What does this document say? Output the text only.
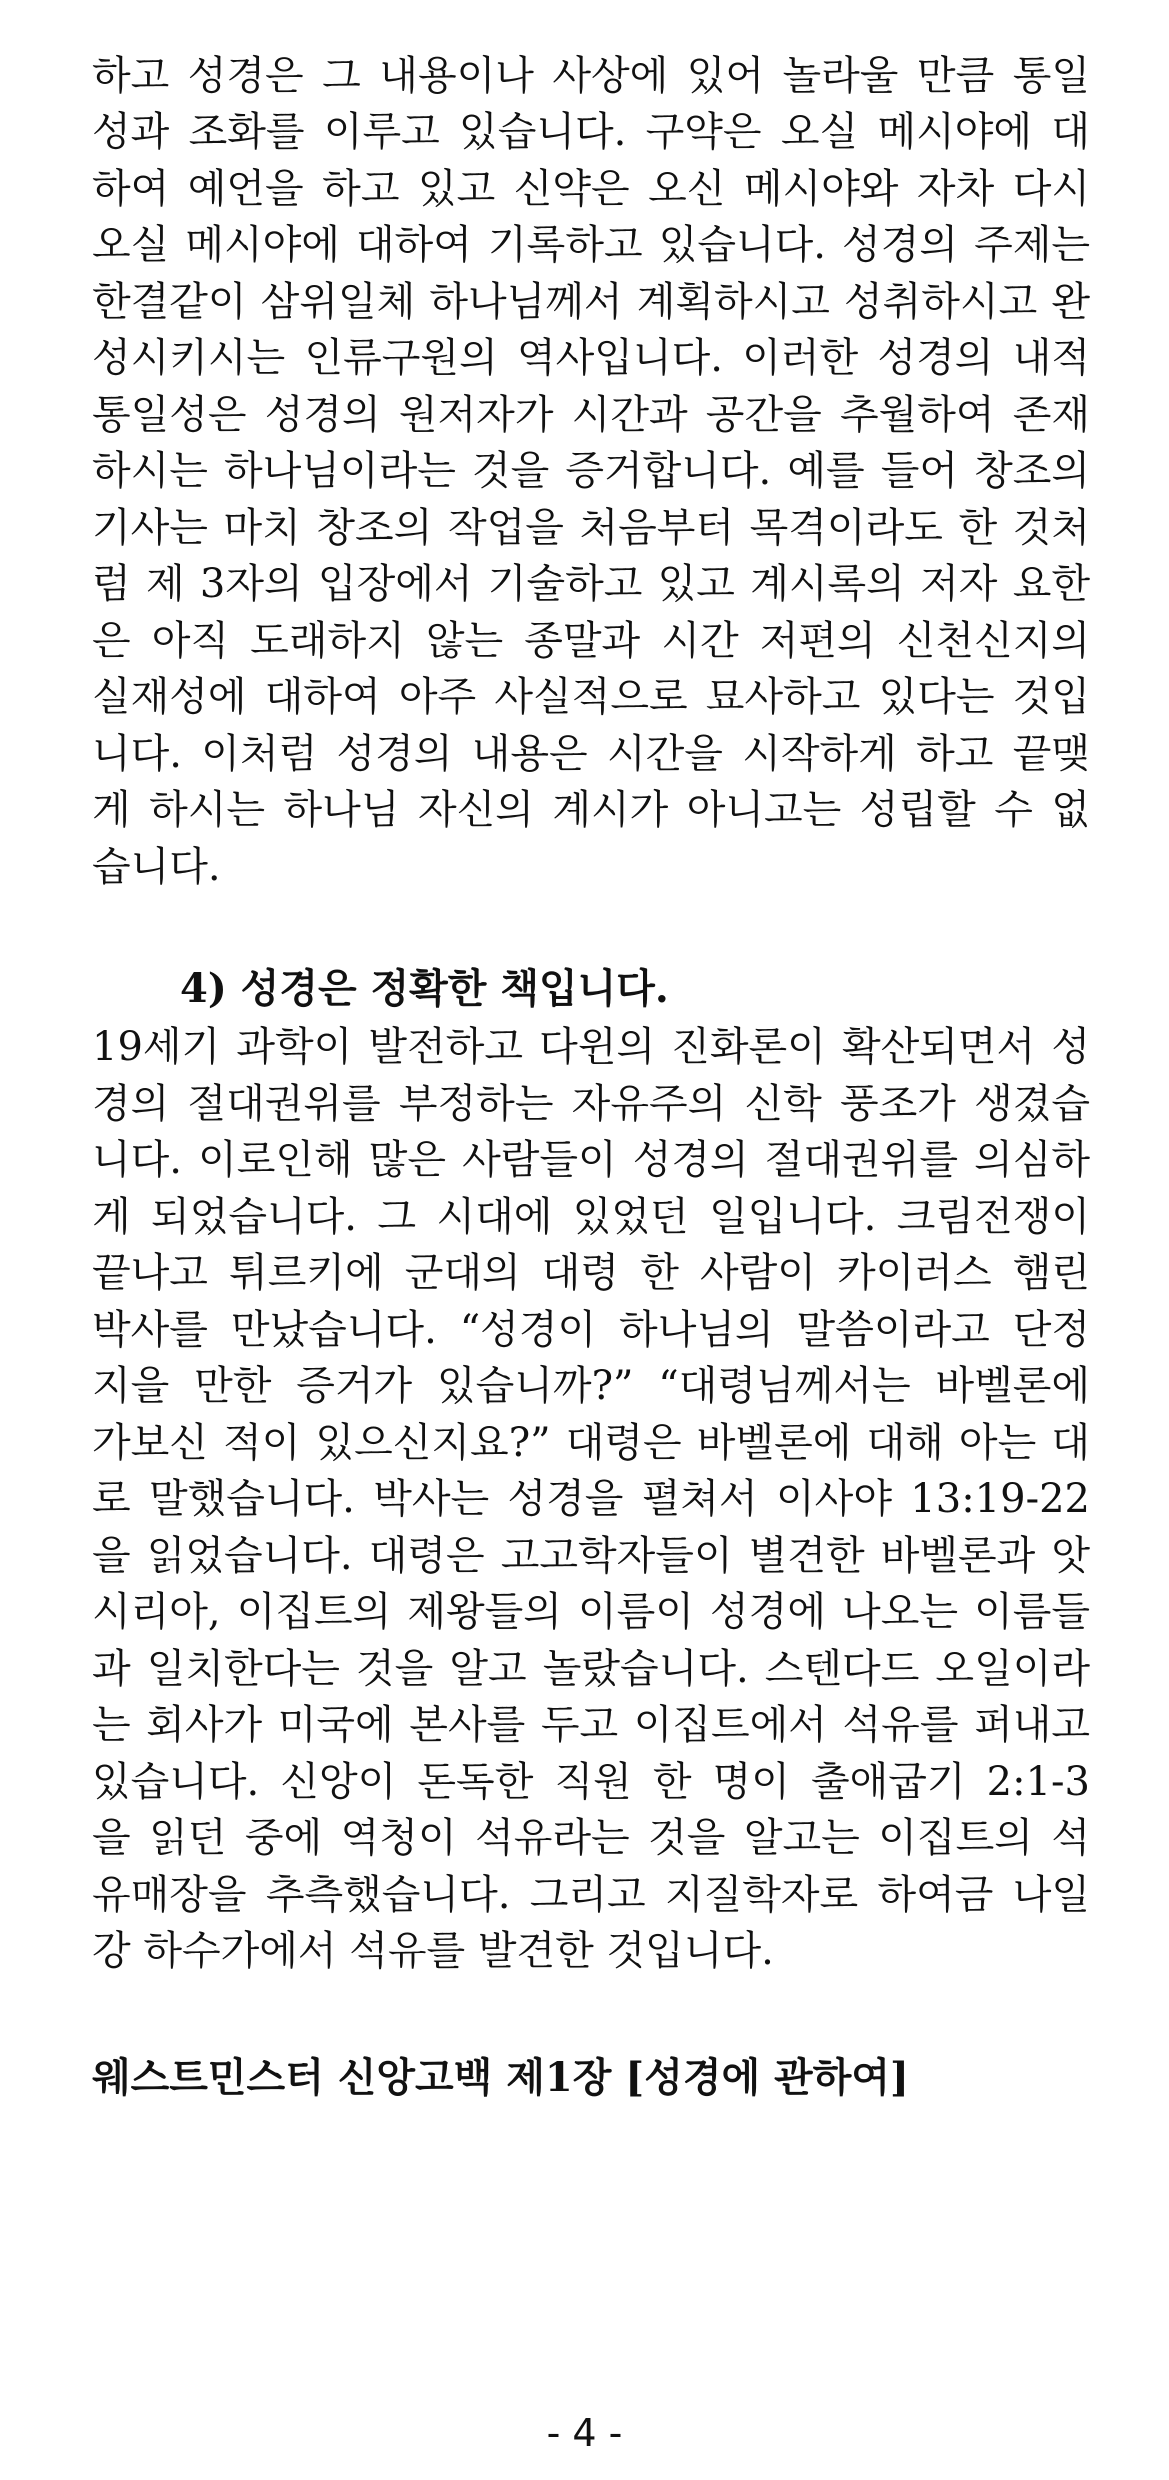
하고 성경은 그 내용이나 사상에 있어 놀라울 만큼 통일
성과 조화를 이루고 있습니다. 구약은 오실 메시야에 대
하여 예언을 하고 있고 신약은 오신 메시야와 자차 다시
오실 메시야에 대하여 기록하고 있습니다. 성경의 주제는
한결같이 삼위일체 하나님께서 계획하시고 성취하시고 완
성시키시는 인류구원의 역사입니다. 이러한 성경의 내적
통일성은 성경의 원저자가 시간과 공간을 추월하여 존재
하시는 하나님이라는 것을 증거합니다. 예를 들어 창조의
기사는 마치 창조의 작업을 처음부터 목격이라도 한 것처
럼 제 3자의 입장에서 기술하고 있고 계시록의 저자 요한
은 아직 도래하지 않는 종말과 시간 저편의 신천신지의
실재성에 대하여 아주 사실적으로 묘사하고 있다는 것입
니다. 이처럼 성경의 내용은 시간을 시작하게 하고 끝맺
게 하시는 하나님 자신의 계시가 아니고는 성립할 수 없
습니다.
4) 성경은 정확한 책입니다.
19세기 과학이 발전하고 다윈의 진화론이 확산되면서 성
경의 절대권위를 부정하는 자유주의 신학 풍조가 생겼습
니다. 이로인해 많은 사람들이 성경의 절대권위를 의심하
게 되었습니다. 그 시대에 있었던 일입니다. 크림전쟁이
끝나고 튀르키에 군대의 대령 한 사람이 카이러스 햄린
박사를 만났습니다. “성경이 하나님의 말씀이라고 단정
지을 만한 증거가 있습니까?” “대령님께서는 바벨론에
가보신 적이 있으신지요?” 대령은 바벨론에 대해 아는 대
로 말했습니다. 박사는 성경을 펼쳐서 이사야 13:19-22
을 읽었습니다. 대령은 고고학자들이 별견한 바벨론과 앗
시리아, 이집트의 제왕들의 이름이 성경에 나오는 이름들
과 일치한다는 것을 알고 놀랐습니다. 스텐다드 오일이라
는 회사가 미국에 본사를 두고 이집트에서 석유를 퍼내고
있습니다. 신앙이 돈독한 직원 한 명이 출애굽기 2:1-3
을 읽던 중에 역청이 석유라는 것을 알고는 이집트의 석
유매장을 추측했습니다. 그리고 지질학자로 하여금 나일
강 하수가에서 석유를 발견한 것입니다.
웨스트민스터 신앙고백 제1장 [성경에 관하여]
- 4 -
